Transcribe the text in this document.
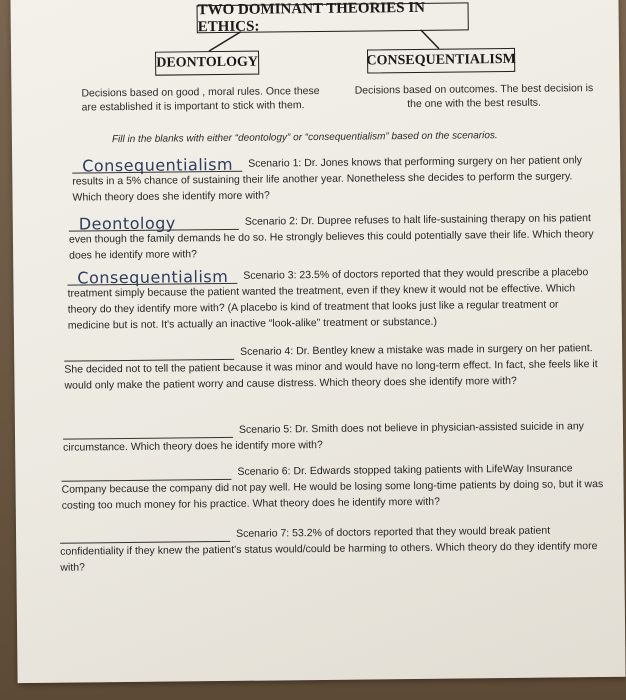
TWO DOMINANT THEORIES IN ETHICS:
DEONTOLOGY	CONSEQUENTIALISM
Decisions based on good , moral rules. Once these are established it is important to stick with them.
Decisions based on outcomes. The best decision is the one with the best results.
Fill in the blanks with either “deontology” or “consequentialism” based on the scenarios.
Consequentialism Scenario 1: Dr. Jones knows that performing surgery on her patient only results in a 5% chance of sustaining their life another year. Nonetheless she decides to perform the surgery. Which theory does she identify more with?
Deontology	Scenario 2: Dr. Dupree refuses to halt life-sustaining therapy on his patient even though the family demands he do so. He strongly believes this could potentially save their life. Which theory does he identify more with?
Consequentialism Scenario 3: 23.5% of doctors reported that they would prescribe a placebo treatment simply because the patient wanted the treatment, even if they knew it would not be effective. Which theory do they identify more with? (A placebo is kind of treatment that looks just like a regular treatment or medicine but is not. It's actually an inactive “look-alike” treatment or substance.)
Scenario 4: Dr. Bentley knew a mistake was made in surgery on her patient. She decided not to tell the patient because it was minor and would have no long-term effect. In fact, she feels like it would only make the patient worry and cause distress. Which theory does she identify more with?
Scenario 5: Dr. Smith does not believe in physician-assisted suicide in any circumstance. Which theory does he identify more with?
Scenario 6: Dr. Edwards stopped taking patients with LifeWay Insurance Company because the company did not pay well. He would be losing some long-time patients by doing so, but it was costing too much money for his practice. What theory does he identify more with?
Scenario 7: 53.2% of doctors reported that they would break patient confidentiality if they knew the patient's status would/could be harming to others. Which theory do they identify more with?
